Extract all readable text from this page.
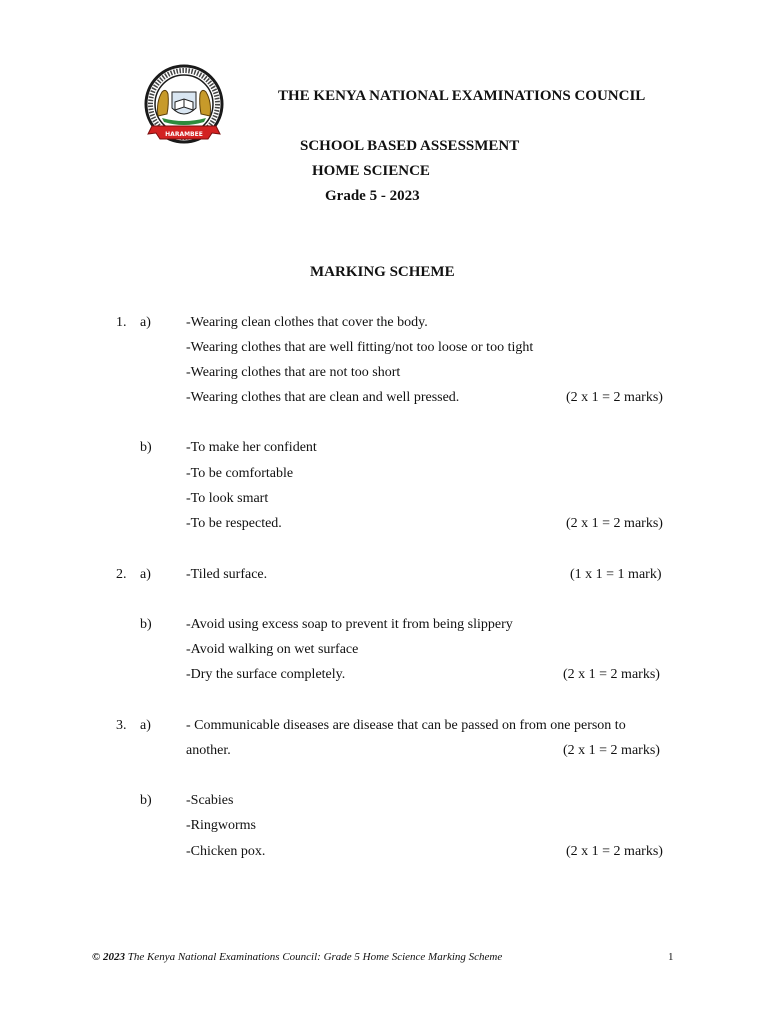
HARAMBEE
THE KENYA NATIONAL EXAMINATIONS COUNCIL
SCHOOL BASED ASSESSMENT
HOME SCIENCE
Grade 5 - 2023
MARKING SCHEME
1. a)	-Wearing clean clothes that cover the body.
-Wearing clothes that are well fitting/not too loose or too tight
-Wearing clothes that are not too short
-Wearing clothes that are clean and well pressed.	(2 x 1 = 2 marks)
b) -To make her confident
-To be comfortable
-To look smart
-To be respected.	(2 x 1 = 2 marks)
2. a)	-Tiled surface.	(1 x 1 = 1 mark)
b) -Avoid using excess soap to prevent it from being slippery
-Avoid walking on wet surface
-Dry the surface completely.	(2 x 1 = 2 marks)
3. a)	- Communicable diseases are disease that can be passed on from one person to
another.	(2 x 1 = 2 marks)
b) -Scabies
-Ringworms
-Chicken pox.	(2 x 1 = 2 marks)
© 2023 The Kenya National Examinations Council: Grade 5 Home Science Marking Scheme	1
